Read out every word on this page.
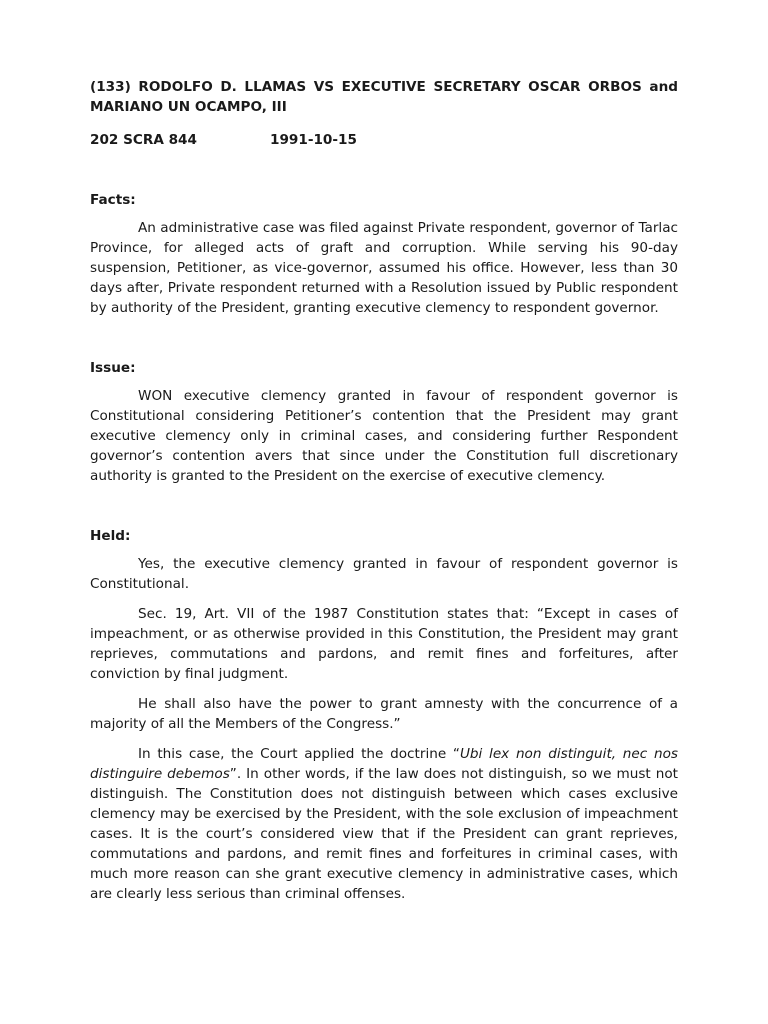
(133) RODOLFO D. LLAMAS VS EXECUTIVE SECRETARY OSCAR ORBOS and MARIANO UN OCAMPO, III

202 SCRA 844	1991-10-15

Facts:

An administrative case was filed against Private respondent, governor of Tarlac Province, for alleged acts of graft and corruption. While serving his 90-day suspension, Petitioner, as vice-governor, assumed his office. However, less than 30 days after, Private respondent returned with a Resolution issued by Public respondent by authority of the President, granting executive clemency to respondent governor.

Issue:

WON executive clemency granted in favour of respondent governor is Constitutional considering Petitioner’s contention that the President may grant executive clemency only in criminal cases, and considering further Respondent governor’s contention avers that since under the Constitution full discretionary authority is granted to the President on the exercise of executive clemency.

Held:

Yes, the executive clemency granted in favour of respondent governor is Constitutional.

Sec. 19, Art. VII of the 1987 Constitution states that: “Except in cases of impeachment, or as otherwise provided in this Constitution, the President may grant reprieves, commutations and pardons, and remit fines and forfeitures, after conviction by final judgment.

He shall also have the power to grant amnesty with the concurrence of a majority of all the Members of the Congress.”

In this case, the Court applied the doctrine “Ubi lex non distinguit, nec nos distinguire debemos”. In other words, if the law does not distinguish, so we must not distinguish. The Constitution does not distinguish between which cases exclusive clemency may be exercised by the President, with the sole exclusion of impeachment cases. It is the court’s considered view that if the President can grant reprieves, commutations and pardons, and remit fines and forfeitures in criminal cases, with much more reason can she grant executive clemency in administrative cases, which are clearly less serious than criminal offenses.
